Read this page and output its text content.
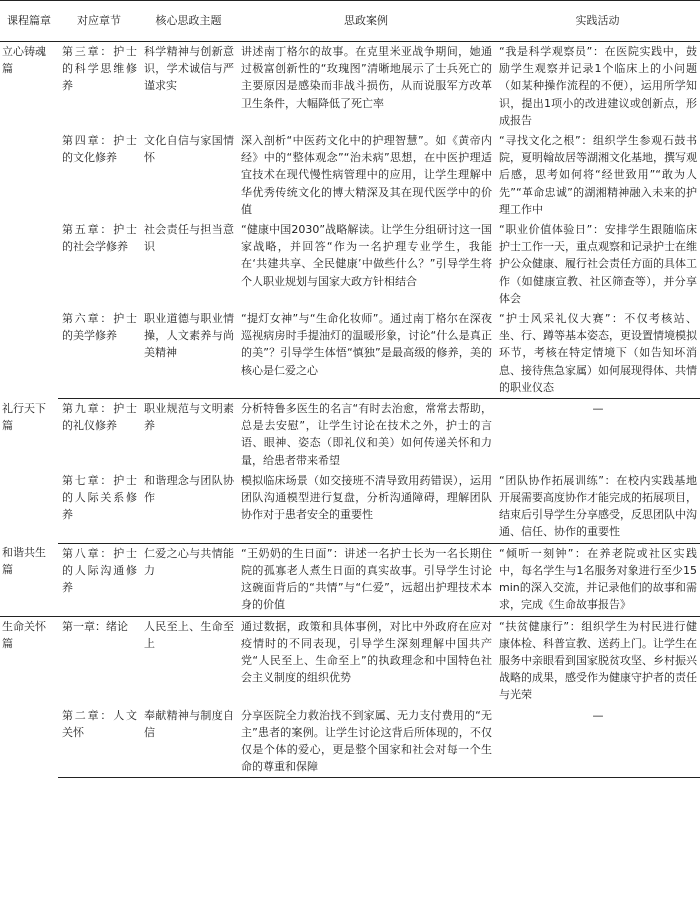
课程篇章	对应章节	核心思政主题	思政案例	实践活动
立心铸魂篇	第三章：护士的科学思维修养	科学精神与创新意识，学术诚信与严谨求实	讲述南丁格尔的故事。在克里米亚战争期间，她通过极富创新性的“玫瑰图”清晰地展示了士兵死亡的主要原因是感染而非战斗损伤，从而说服军方改革卫生条件，大幅降低了死亡率	“我是科学观察员”：在医院实践中，鼓励学生观察并记录1个临床上的小问题（如某种操作流程的不便），运用所学知识，提出1项小的改进建议或创新点，形成报告
	第四章：护士的文化修养	文化自信与家国情怀	深入剖析“中医药文化中的护理智慧”。如《黄帝内经》中的“整体观念”“治未病”思想，在中医护理适宜技术在现代慢性病管理中的应用，让学生理解中华优秀传统文化的博大精深及其在现代医学中的价值	“寻找文化之根”：组织学生参观石鼓书院，夏明翰故居等湖湘文化基地，撰写观后感，思考如何将“经世致用”“敢为人先”“革命忠诚”的湖湘精神融入未来的护理工作中
	第五章：护士的社会学修养	社会责任与担当意识	“健康中国2030”战略解读。让学生分组研讨这一国家战略，并回答“作为一名护理专业学生，我能在‘共建共享、全民健康’中做些什么？”引导学生将个人职业规划与国家大政方针相结合	“职业价值体验日”：安排学生跟随临床护士工作一天，重点观察和记录护士在维护公众健康、履行社会责任方面的具体工作（如健康宣教、社区筛查等），并分享体会
	第六章：护士的美学修养	职业道德与职业情操，人文素养与尚美精神	“提灯女神”与“生命化妆师”。通过南丁格尔在深夜巡视病房时手提油灯的温暖形象，讨论“什么是真正的美”？引导学生体悟“慎独”是最高级的修养，美的核心是仁爱之心	“护士风采礼仪大赛”：不仅考核站、坐、行、蹲等基本姿态，更设置情境模拟环节，考核在特定情境下（如告知坏消息、接待焦急家属）如何展现得体、共情的职业仪态
礼行天下篇	第九章：护士的礼仪修养	职业规范与文明素养	分析特鲁多医生的名言“有时去治愈，常常去帮助，总是去安慰”，让学生讨论在技术之外，护士的言语、眼神、姿态（即礼仪和美）如何传递关怀和力量，给患者带来希望	—
	第七章：护士的人际关系修养	和谐理念与团队协作	模拟临床场景（如交接班不清导致用药错误），运用团队沟通模型进行复盘，分析沟通障碍，理解团队协作对于患者安全的重要性	“团队协作拓展训练”：在校内实践基地开展需要高度协作才能完成的拓展项目，结束后引导学生分享感受，反思团队中沟通、信任、协作的重要性
和谐共生篇	第八章：护士的人际沟通修养	仁爱之心与共情能力	“王奶奶的生日面”：讲述一名护士长为一名长期住院的孤寡老人煮生日面的真实故事。引导学生讨论这碗面背后的“共情”与“仁爱”，远超出护理技术本身的价值	“倾听一刻钟”：在养老院或社区实践中，每名学生与1名服务对象进行至少15 min的深入交流，并记录他们的故事和需求，完成《生命故事报告》
生命关怀篇	第一章：绪论	人民至上、生命至上	通过数据，政策和具体事例，对比中外政府在应对疫情时的不同表现，引导学生深刻理解中国共产党“人民至上、生命至上”的执政理念和中国特色社会主义制度的组织优势	“扶贫健康行”：组织学生为村民进行健康体检、科普宣教、送药上门。让学生在服务中亲眼看到国家脱贫攻坚、乡村振兴战略的成果，感受作为健康守护者的责任与光荣
	第二章：人文关怀	奉献精神与制度自信	分享医院全力救治找不到家属、无力支付费用的“无主”患者的案例。让学生讨论这背后所体现的，不仅仅是个体的爱心，更是整个国家和社会对每一个生命的尊重和保障	—
